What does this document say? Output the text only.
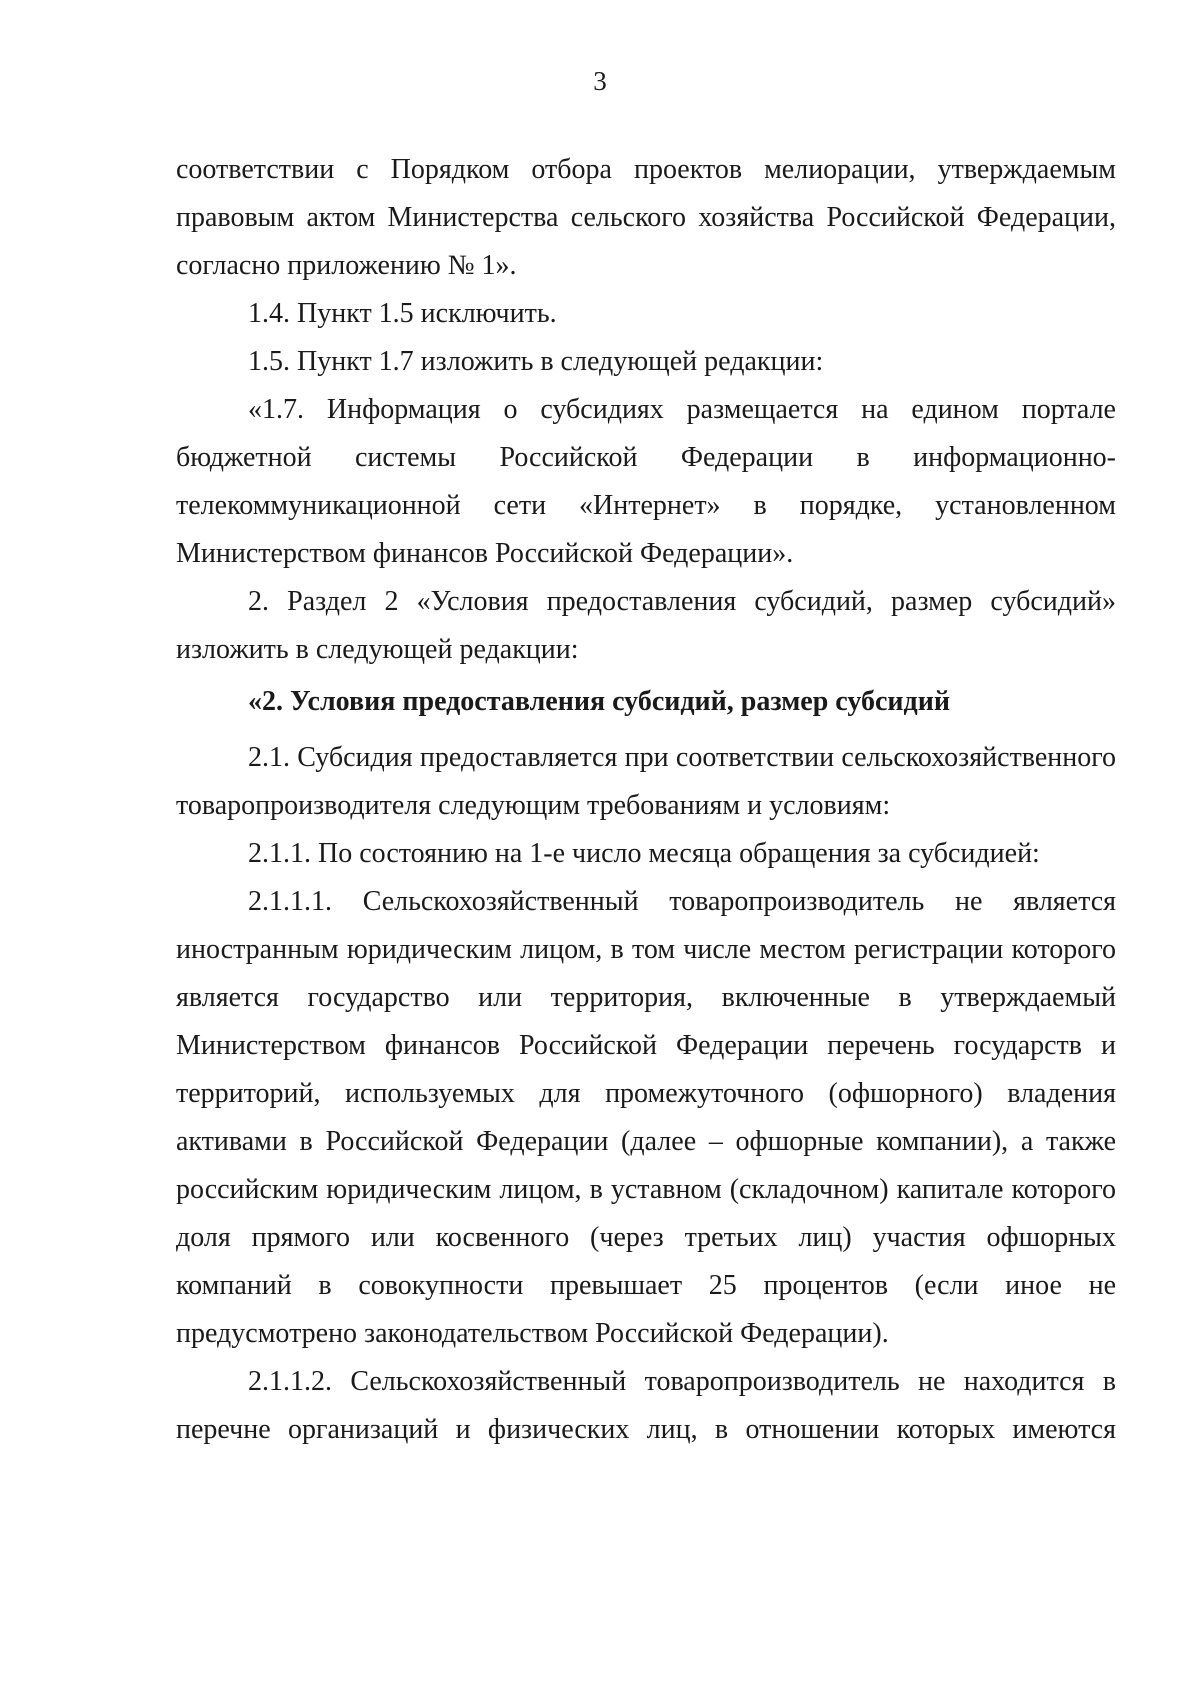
3

соответствии с Порядком отбора проектов мелиорации, утверждаемым правовым актом Министерства сельского хозяйства Российской Федерации, согласно приложению № 1».

1.4. Пункт 1.5 исключить.

1.5. Пункт 1.7 изложить в следующей редакции:

«1.7. Информация о субсидиях размещается на едином портале бюджетной системы Российской Федерации в информационно-телекоммуникационной сети «Интернет» в порядке, установленном Министерством финансов Российской Федерации».

2. Раздел 2 «Условия предоставления субсидий, размер субсидий» изложить в следующей редакции:

«2. Условия предоставления субсидий, размер субсидий

2.1. Субсидия предоставляется при соответствии сельскохозяйственного товаропроизводителя следующим требованиям и условиям:

2.1.1. По состоянию на 1-е число месяца обращения за субсидией:

2.1.1.1. Сельскохозяйственный товаропроизводитель не является иностранным юридическим лицом, в том числе местом регистрации которого является государство или территория, включенные в утверждаемый Министерством финансов Российской Федерации перечень государств и территорий, используемых для промежуточного (офшорного) владения активами в Российской Федерации (далее – офшорные компании), а также российским юридическим лицом, в уставном (складочном) капитале которого доля прямого или косвенного (через третьих лиц) участия офшорных компаний в совокупности превышает 25 процентов (если иное не предусмотрено законодательством Российской Федерации).

2.1.1.2. Сельскохозяйственный товаропроизводитель не находится в перечне организаций и физических лиц, в отношении которых имеются
